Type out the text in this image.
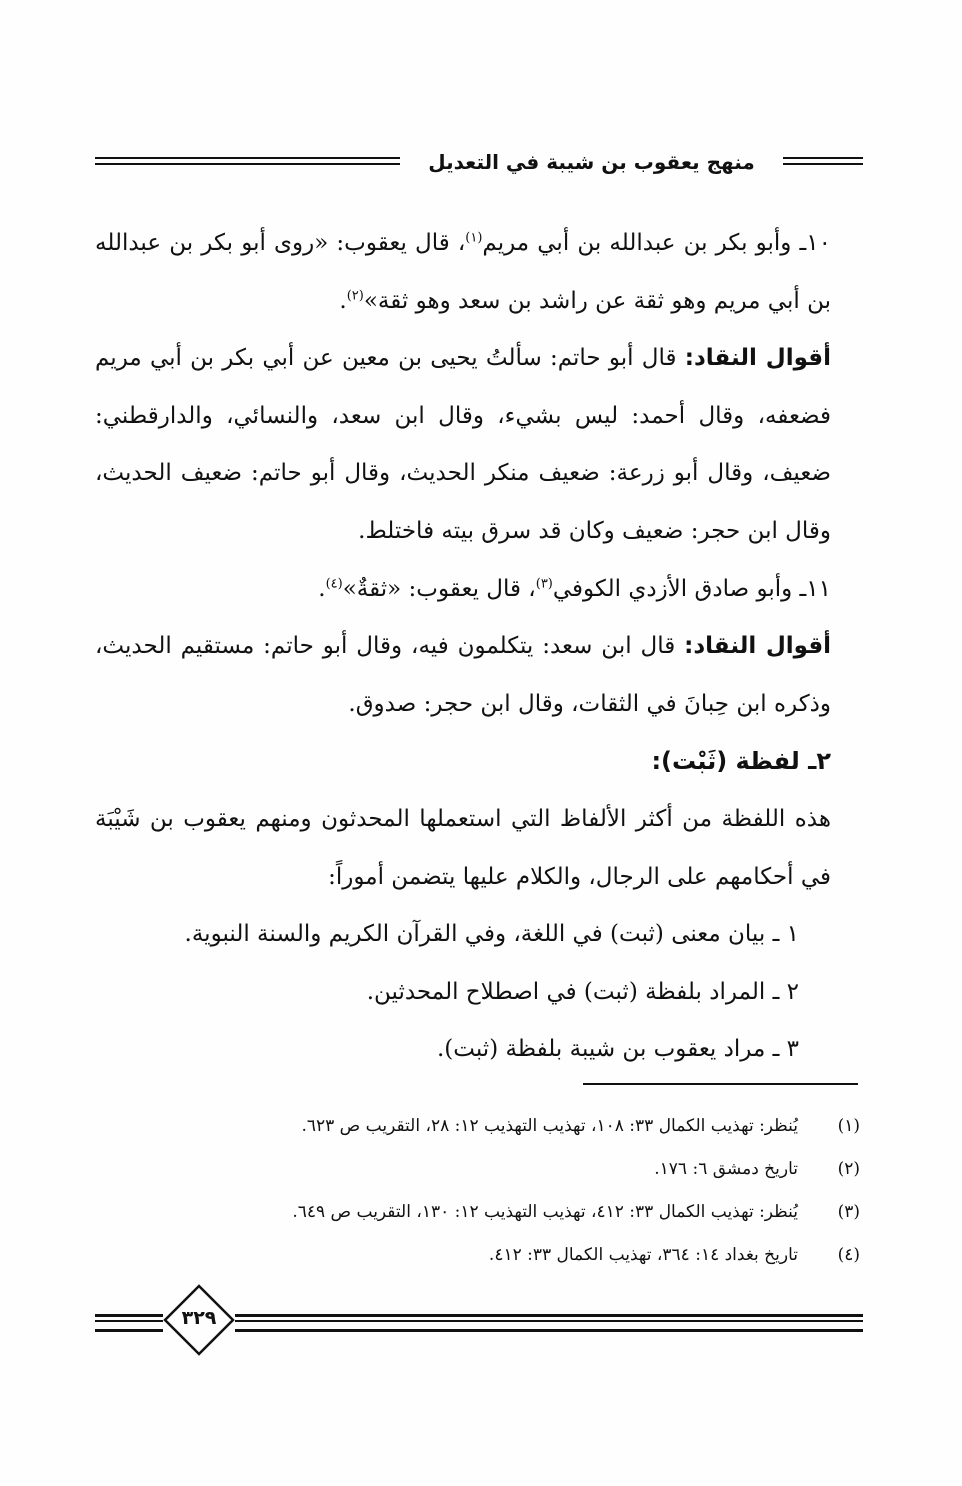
منهج يعقوب بن شيبة في التعديل

١٠ـ وأبو بكر بن عبدالله بن أبي مريم$^{(١)}$، قال يعقوب: «روى أبو بكر بن عبدالله بن أبي مريم وهو ثقة عن راشد بن سعد وهو ثقة»$^{(٢)}$.

أقوال النقاد: قال أبو حاتم: سألتُ يحيى بن معين عن أبي بكر بن أبي مريم فضعفه، وقال أحمد: ليس بشيء، وقال ابن سعد، والنسائي، والدارقطني: ضعيف، وقال أبو زرعة: ضعيف منكر الحديث، وقال أبو حاتم: ضعيف الحديث، وقال ابن حجر: ضعيف وكان قد سرق بيته فاختلط.

١١ـ وأبو صادق الأزدي الكوفي$^{(٣)}$، قال يعقوب: «ثقةٌ»$^{(٤)}$.

أقوال النقاد: قال ابن سعد: يتكلمون فيه، وقال أبو حاتم: مستقيم الحديث، وذكره ابن حِبانَ في الثقات، وقال ابن حجر: صدوق.

٢ـ لفظة (ثَبْت):

هذه اللفظة من أكثر الألفاظ التي استعملها المحدثون ومنهم يعقوب بن شَيْبَة في أحكامهم على الرجال، والكلام عليها يتضمن أموراً:

١ ـ بيان معنى (ثبت) في اللغة، وفي القرآن الكريم والسنة النبوية.

٢ ـ المراد بلفظة (ثبت) في اصطلاح المحدثين.

٣ ـ مراد يعقوب بن شيبة بلفظة (ثبت).

(١)
يُنظر: تهذيب الكمال ٣٣: ١٠٨، تهذيب التهذيب ١٢: ٢٨، التقريب ص ٦٢٣.
(٢)
تاريخ دمشق ٦: ١٧٦.
(٣)
يُنظر: تهذيب الكمال ٣٣: ٤١٢، تهذيب التهذيب ١٢: ١٣٠، التقريب ص ٦٤٩.
(٤)
تاريخ بغداد ١٤: ٣٦٤، تهذيب الكمال ٣٣: ٤١٢.
٣٢٩
